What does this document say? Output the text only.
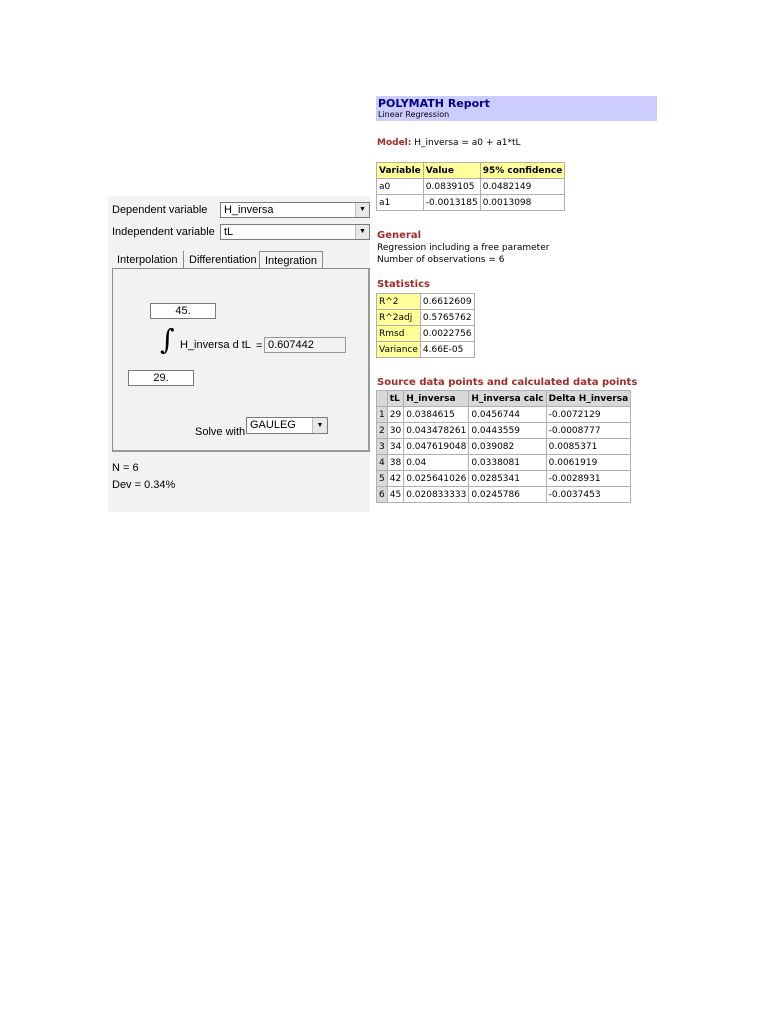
Dependent variable H_inversa	▼
Independent variable tL	▼
Interpolation	Differentiation Integration
45.
∫ H_inversa d tL = 0.607442
29.
Solve with
GAULEG	▼
N = 6
Dev = 0.34%
POLYMATH Report
Linear Regression
Model: H_inversa = a0 + a1*tL
Variable	Value	95% confidence
a0	0.0839105	0.0482149
a1	-0.0013185	0.0013098
General
Regression including a free parameter
Number of observations = 6
Statistics
R^2	0.6612609
R^2adj	0.5765762
Rmsd	0.0022756
Variance	4.66E-05
Source data points and calculated data points
	tL	H_inversa	H_inversa calc	Delta H_inversa
1	29	0.0384615	0.0456744	-0.0072129
2	30	0.043478261	0.0443559	-0.0008777
3	34	0.047619048	0.039082	0.0085371
4	38	0.04	0.0338081	0.0061919
5	42	0.025641026	0.0285341	-0.0028931
6	45	0.020833333	0.0245786	-0.0037453
